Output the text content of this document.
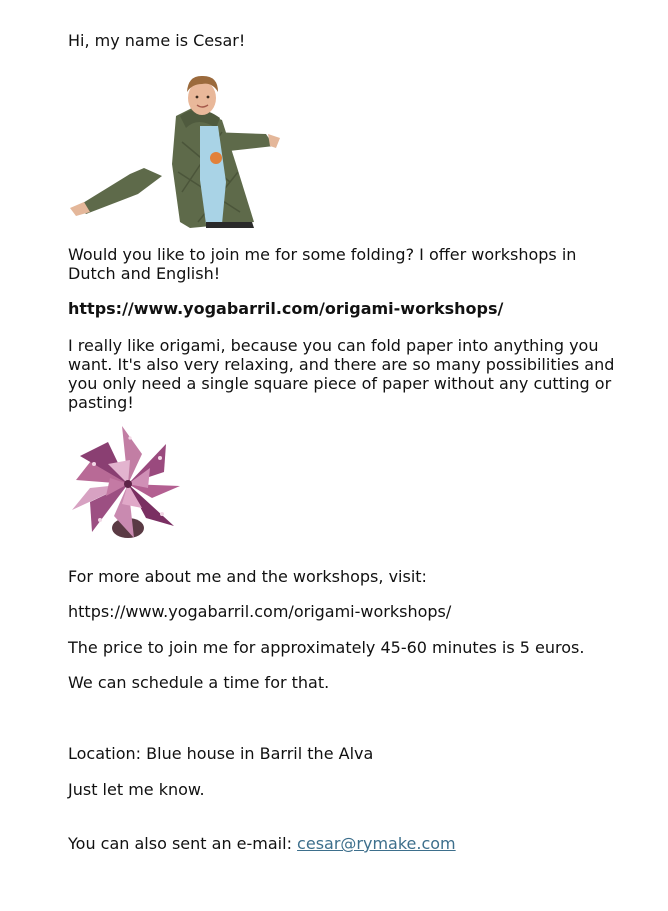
Hi, my name is Cesar!

Would you like to join me for some folding? I offer workshops in Dutch and English!

https://www.yogabarril.com/origami-workshops/

I really like origami, because you can fold paper into anything you want. It's also very relaxing, and there are so many possibilities and you only need a single square piece of paper without any cutting or pasting!

For more about me and the workshops, visit:

https://www.yogabarril.com/origami-workshops/

The price to join me for approximately 45-60 minutes is 5 euros.

We can schedule a time for that.

Location: Blue house in Barril the Alva

Just let me know.

You can also sent an e-mail: cesar@rymake.com
